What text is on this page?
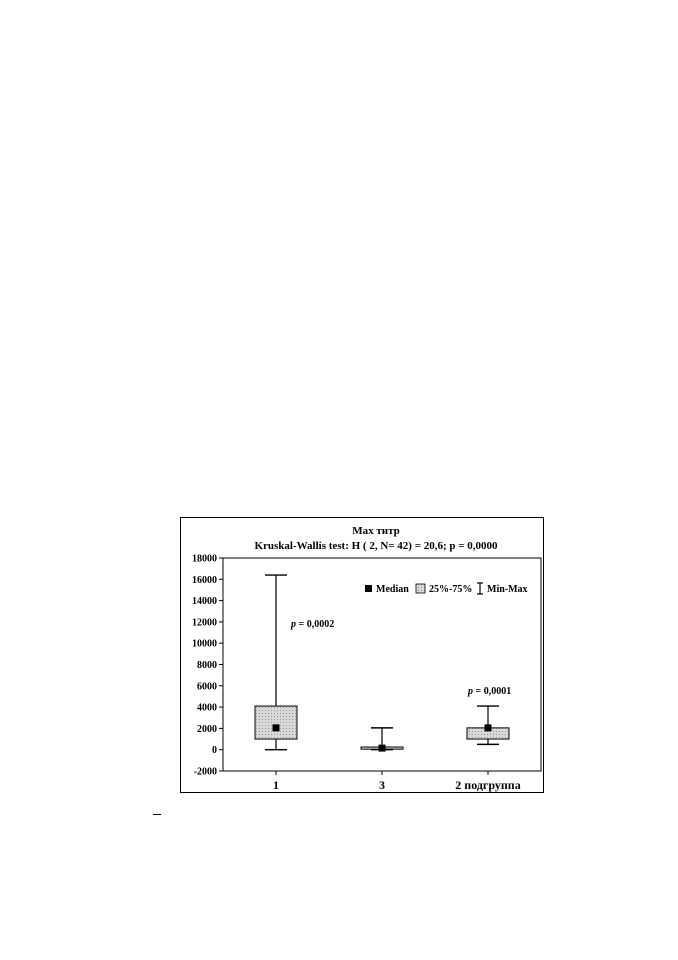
Max титр
Kruskal-Wallis test: H ( 2, N= 42) = 20,6; p = 0,0000
-2000
0
2000
4000
6000
8000
10000
12000
14000
16000
18000
1	3	2 подгруппа
p = 0,0002
p = 0,0001
Median 25%-75% Min-Max
